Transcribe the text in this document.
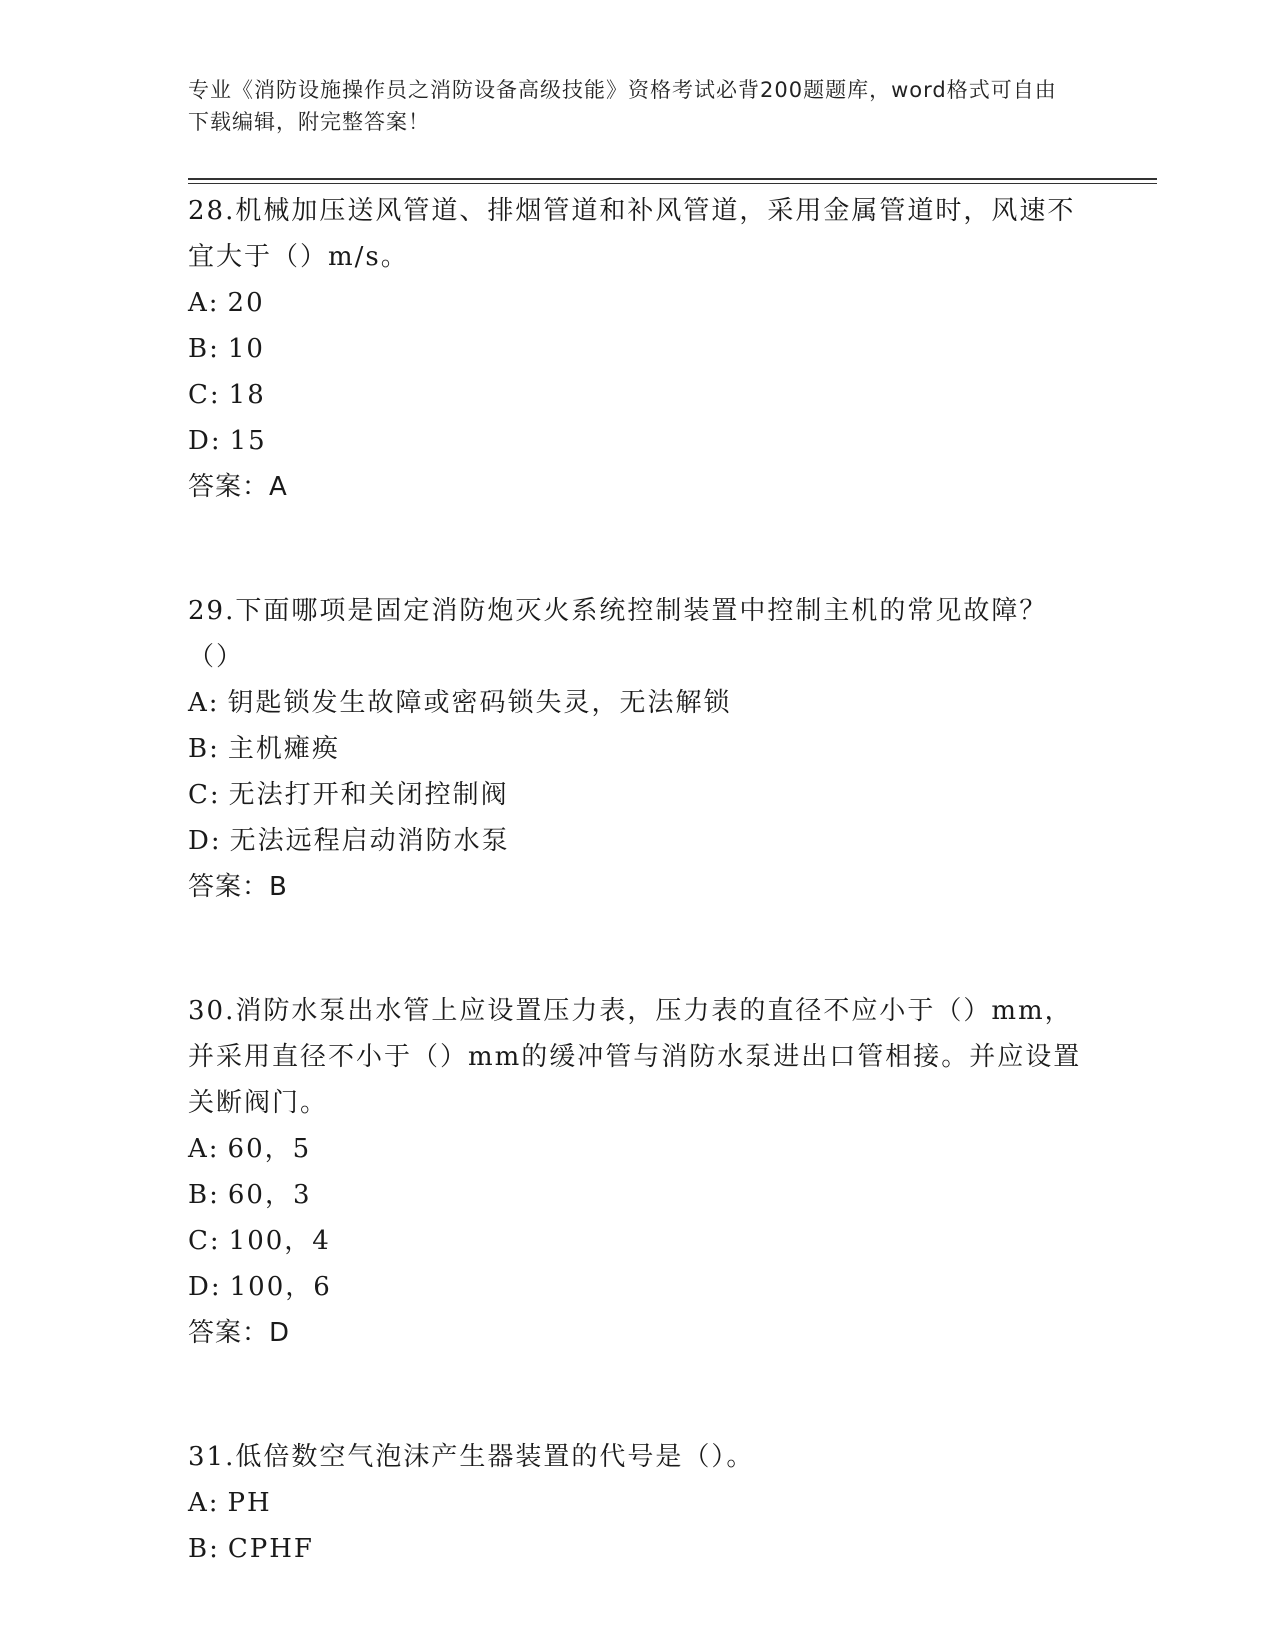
专业《消防设施操作员之消防设备高级技能》资格考试必背200题题库，word格式可自由下载编辑，附完整答案！

28.机械加压送风管道、排烟管道和补风管道，采用金属管道时，风速不宜大于（）m/s。

A: 20

B: 10

C: 18

D: 15

答案：A

29.下面哪项是固定消防炮灭火系统控制装置中控制主机的常见故障？（）

A: 钥匙锁发生故障或密码锁失灵，无法解锁

B: 主机瘫痪

C: 无法打开和关闭控制阀

D: 无法远程启动消防水泵

答案：B

30.消防水泵出水管上应设置压力表，压力表的直径不应小于（）mm，并采用直径不小于（）mm的缓冲管与消防水泵进出口管相接。并应设置关断阀门。

A: 60，5

B: 60，3

C: 100，4

D: 100，6

答案：D

31.低倍数空气泡沫产生器装置的代号是（）。

A: PH

B: CPHF
